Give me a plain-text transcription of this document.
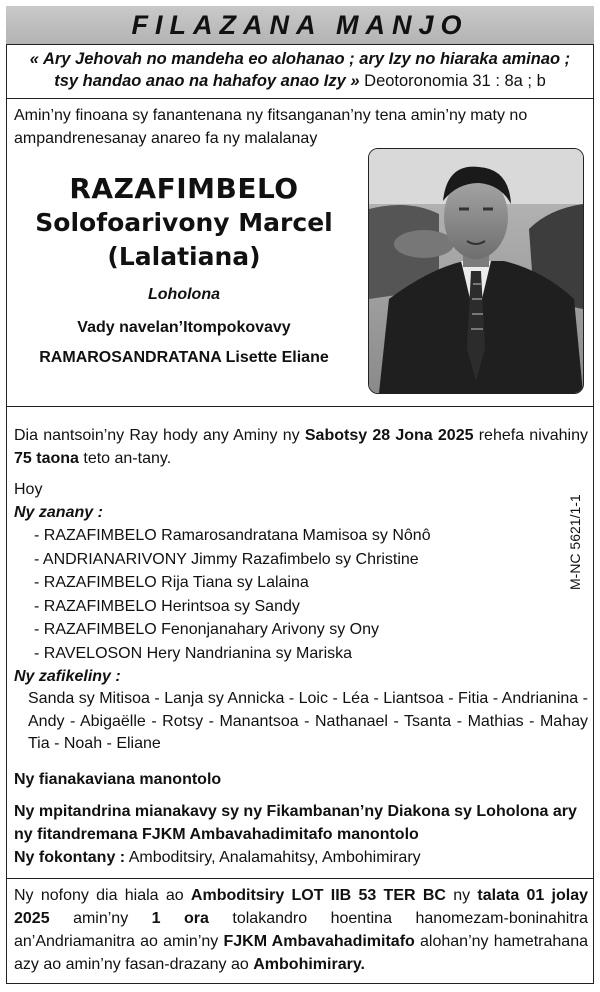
FILAZANA MANJO
« Ary Jehovah no mandeha eo alohanao ; ary Izy no hiaraka aminao ;
tsy handao anao na hahafoy anao Izy » Deotoronomia 31 : 8a ; b
Amin’ny finoana sy fanantenana ny fitsanganan’ny tena amin’ny maty no ampandrenesanay anareo fa ny malalanay
RAZAFIMBELO
Solofoarivony Marcel
(Lalatiana)
Loholona
Vady navelan’Itompokovavy
RAMAROSANDRATANA Lisette Eliane
Dia nantsoin’ny Ray hody any Aminy ny Sabotsy 28 Jona 2025 rehefa nivahiny 75 taona teto an-tany.
Hoy
Ny zanany :
- RAZAFIMBELO Ramarosandratana Mamisoa sy Nônô
- ANDRIANARIVONY Jimmy Razafimbelo sy Christine
- RAZAFIMBELO Rija Tiana sy Lalaina
- RAZAFIMBELO Herintsoa sy Sandy
- RAZAFIMBELO Fenonjanahary Arivony sy Ony
- RAVELOSON Hery Nandrianina sy Mariska
Ny zafikeliny :
Sanda sy Mitisoa - Lanja sy Annicka - Loic - Léa - Liantsoa - Fitia - Andrianina - Andy - Abigaëlle - Rotsy - Manantsoa - Nathanael - Tsanta - Mathias - Mahay Tia - Noah - Eliane
M-NC 5621/1-1
Ny fianakaviana manontolo
Ny mpitandrina mianakavy sy ny Fikambanan’ny Diakona sy Loholona ary ny fitandremana FJKM Ambavahadimitafo manontolo
Ny fokontany : Amboditsiry, Analamahitsy, Ambohimirary
Ny nofony dia hiala ao Amboditsiry LOT IIB 53 TER BC ny talata 01 jolay 2025 amin’ny 1 ora tolakandro hoentina hanomezam-boninahitra an’Andriamanitra ao amin’ny FJKM Ambavahadimitafo alohan’ny hametrahana azy ao amin’ny fasan-drazany ao Ambohimirary.
